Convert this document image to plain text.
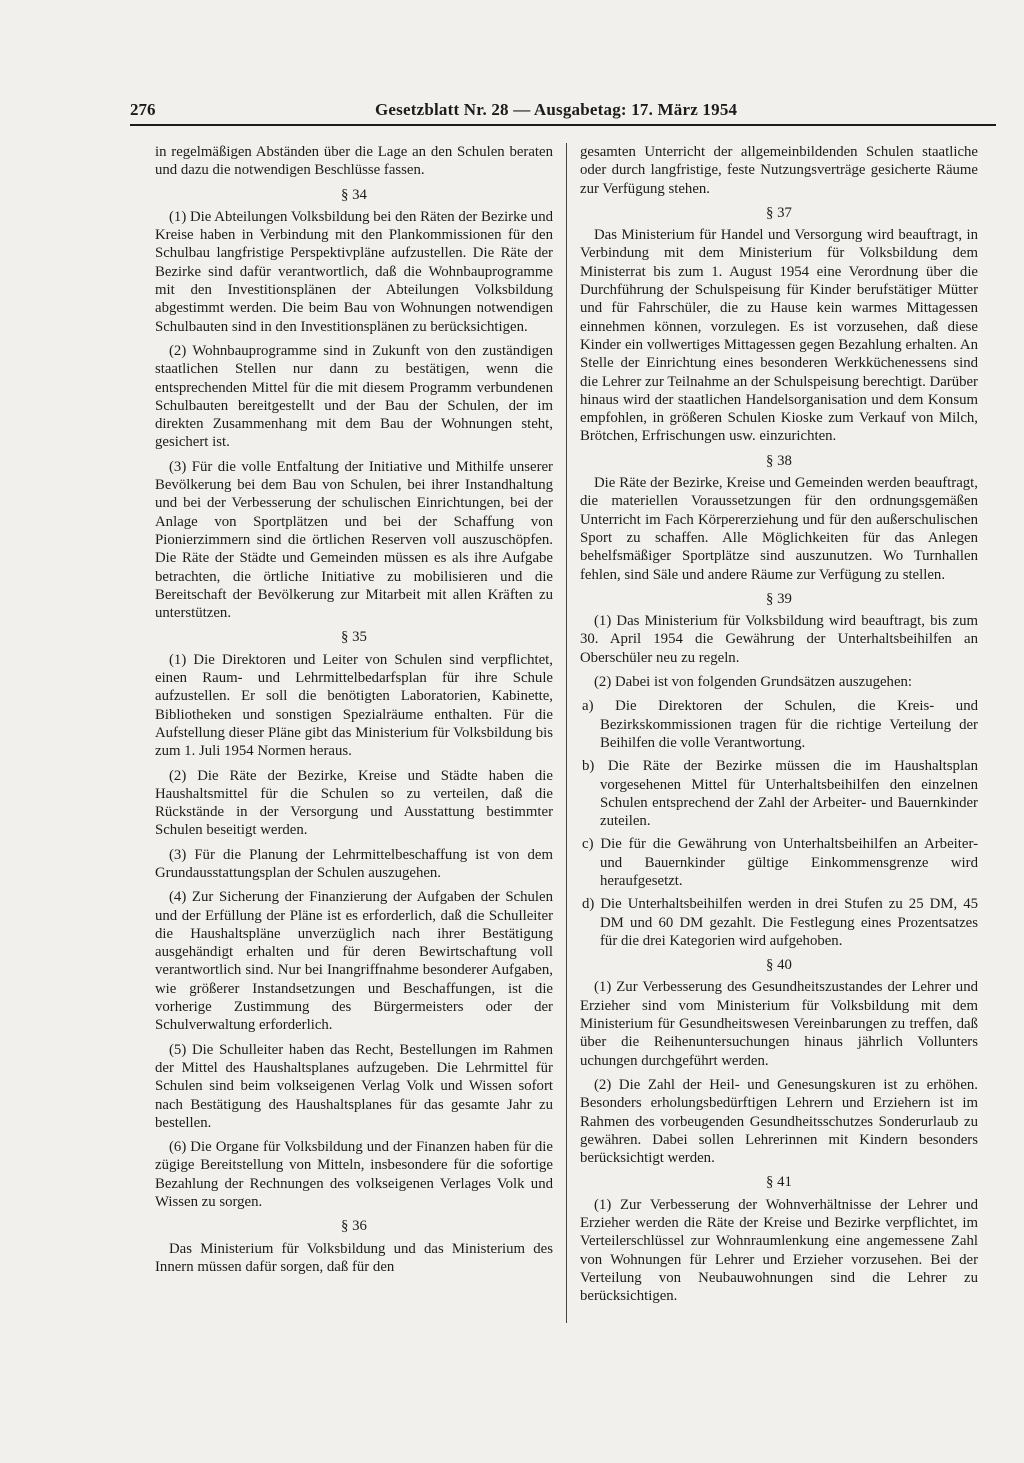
276	Gesetzblatt Nr. 28 — Ausgabetag: 17. März 1954

in regelmäßigen Abständen über die Lage an den Schulen beraten und dazu die notwendigen Beschlüsse fassen.

§ 34

(1) Die Abteilungen Volksbildung bei den Räten der Bezirke und Kreise haben in Verbindung mit den Plankommissionen für den Schulbau langfristige Perspektivpläne aufzustellen. Die Räte der Bezirke sind dafür verantwortlich, daß die Wohnbauprogramme mit den Investitionsplänen der Abteilungen Volksbildung abgestimmt werden. Die beim Bau von Wohnungen notwendigen Schulbauten sind in den Investitionsplänen zu berücksichtigen.

(2) Wohnbauprogramme sind in Zukunft von den zuständigen staatlichen Stellen nur dann zu bestätigen, wenn die entsprechenden Mittel für die mit diesem Programm verbundenen Schulbauten bereitgestellt und der Bau der Schulen, der im direkten Zusammenhang mit dem Bau der Wohnungen steht, gesichert ist.

(3) Für die volle Entfaltung der Initiative und Mithilfe unserer Bevölkerung bei dem Bau von Schulen, bei ihrer Instandhaltung und bei der Verbesserung der schulischen Einrichtungen, bei der Anlage von Sportplätzen und bei der Schaffung von Pionierzimmern sind die örtlichen Reserven voll auszuschöpfen. Die Räte der Städte und Gemeinden müssen es als ihre Aufgabe betrachten, die örtliche Initiative zu mobilisieren und die Bereitschaft der Bevölkerung zur Mitarbeit mit allen Kräften zu unterstützen.

§ 35

(1) Die Direktoren und Leiter von Schulen sind verpflichtet, einen Raum- und Lehrmittelbedarfsplan für ihre Schule aufzustellen. Er soll die benötigten Laboratorien, Kabinette, Bibliotheken und sonstigen Spezialräume enthalten. Für die Aufstellung dieser Pläne gibt das Ministerium für Volksbildung bis zum 1. Juli 1954 Normen heraus.

(2) Die Räte der Bezirke, Kreise und Städte haben die Haushaltsmittel für die Schulen so zu verteilen, daß die Rückstände in der Versorgung und Ausstattung bestimmter Schulen beseitigt werden.

(3) Für die Planung der Lehrmittelbeschaffung ist von dem Grundausstattungsplan der Schulen auszugehen.

(4) Zur Sicherung der Finanzierung der Aufgaben der Schulen und der Erfüllung der Pläne ist es erforderlich, daß die Schulleiter die Haushaltspläne unverzüglich nach ihrer Bestätigung ausgehändigt erhalten und für deren Bewirtschaftung voll verantwortlich sind. Nur bei Inangriffnahme besonderer Aufgaben, wie größerer Instandsetzungen und Beschaffungen, ist die vorherige Zustimmung des Bürgermeisters oder der Schulverwaltung erforderlich.

(5) Die Schulleiter haben das Recht, Bestellungen im Rahmen der Mittel des Haushaltsplanes aufzugeben. Die Lehrmittel für Schulen sind beim volkseigenen Verlag Volk und Wissen sofort nach Bestätigung des Haushaltsplanes für das gesamte Jahr zu bestellen.

(6) Die Organe für Volksbildung und der Finanzen haben für die zügige Bereitstellung von Mitteln, insbesondere für die sofortige Bezahlung der Rechnungen des volkseigenen Verlages Volk und Wissen zu sorgen.

§ 36

Das Ministerium für Volksbildung und das Ministerium des Innern müssen dafür sorgen, daß für den

gesamten Unterricht der allgemeinbildenden Schulen staatliche oder durch langfristige, feste Nutzungsverträge gesicherte Räume zur Verfügung stehen.

§ 37

Das Ministerium für Handel und Versorgung wird beauftragt, in Verbindung mit dem Ministerium für Volksbildung dem Ministerrat bis zum 1. August 1954 eine Verordnung über die Durchführung der Schulspeisung für Kinder berufstätiger Mütter und für Fahrschüler, die zu Hause kein warmes Mittagessen einnehmen können, vorzulegen. Es ist vorzusehen, daß diese Kinder ein vollwertiges Mittagessen gegen Bezahlung erhalten. An Stelle der Einrichtung eines besonderen Werkküchenessens sind die Lehrer zur Teilnahme an der Schulspeisung berechtigt. Darüber hinaus wird der staatlichen Handelsorganisation und dem Konsum empfohlen, in größeren Schulen Kioske zum Verkauf von Milch, Brötchen, Erfrischungen usw. einzurichten.

§ 38

Die Räte der Bezirke, Kreise und Gemeinden werden beauftragt, die materiellen Voraussetzungen für den ordnungsgemäßen Unterricht im Fach Körpererziehung und für den außerschulischen Sport zu schaffen. Alle Möglichkeiten für das Anlegen behelfsmäßiger Sportplätze sind auszunutzen. Wo Turnhallen fehlen, sind Säle und andere Räume zur Verfügung zu stellen.

§ 39

(1) Das Ministerium für Volksbildung wird beauftragt, bis zum 30. April 1954 die Gewährung der Unterhaltsbeihilfen an Oberschüler neu zu regeln.

(2) Dabei ist von folgenden Grundsätzen auszugehen:

a) Die Direktoren der Schulen, die Kreis- und Bezirkskommissionen tragen für die richtige Verteilung der Beihilfen die volle Verantwortung.
b) Die Räte der Bezirke müssen die im Haushaltsplan vorgesehenen Mittel für Unterhaltsbeihilfen den einzelnen Schulen entsprechend der Zahl der Arbeiter- und Bauernkinder zuteilen.
c) Die für die Gewährung von Unterhaltsbeihilfen an Arbeiter- und Bauernkinder gültige Einkommensgrenze wird heraufgesetzt.
d) Die Unterhaltsbeihilfen werden in drei Stufen zu 25 DM, 45 DM und 60 DM gezahlt. Die Festlegung eines Prozentsatzes für die drei Kategorien wird aufgehoben.
§ 40

(1) Zur Verbesserung des Gesundheitszustandes der Lehrer und Erzieher sind vom Ministerium für Volksbildung mit dem Ministerium für Gesundheitswesen Vereinbarungen zu treffen, daß über die Reihenuntersuchungen hinaus jährlich Vollunters uchungen durchgeführt werden.

(2) Die Zahl der Heil- und Genesungskuren ist zu erhöhen. Besonders erholungsbedürftigen Lehrern und Erziehern ist im Rahmen des vorbeugenden Gesundheitsschutzes Sonderurlaub zu gewähren. Dabei sollen Lehrerinnen mit Kindern besonders berücksichtigt werden.

§ 41

(1) Zur Verbesserung der Wohnverhältnisse der Lehrer und Erzieher werden die Räte der Kreise und Bezirke verpflichtet, im Verteilerschlüssel zur Wohnraumlenkung eine angemessene Zahl von Wohnungen für Lehrer und Erzieher vorzusehen. Bei der Verteilung von Neubauwohnungen sind die Lehrer zu berücksichtigen.
